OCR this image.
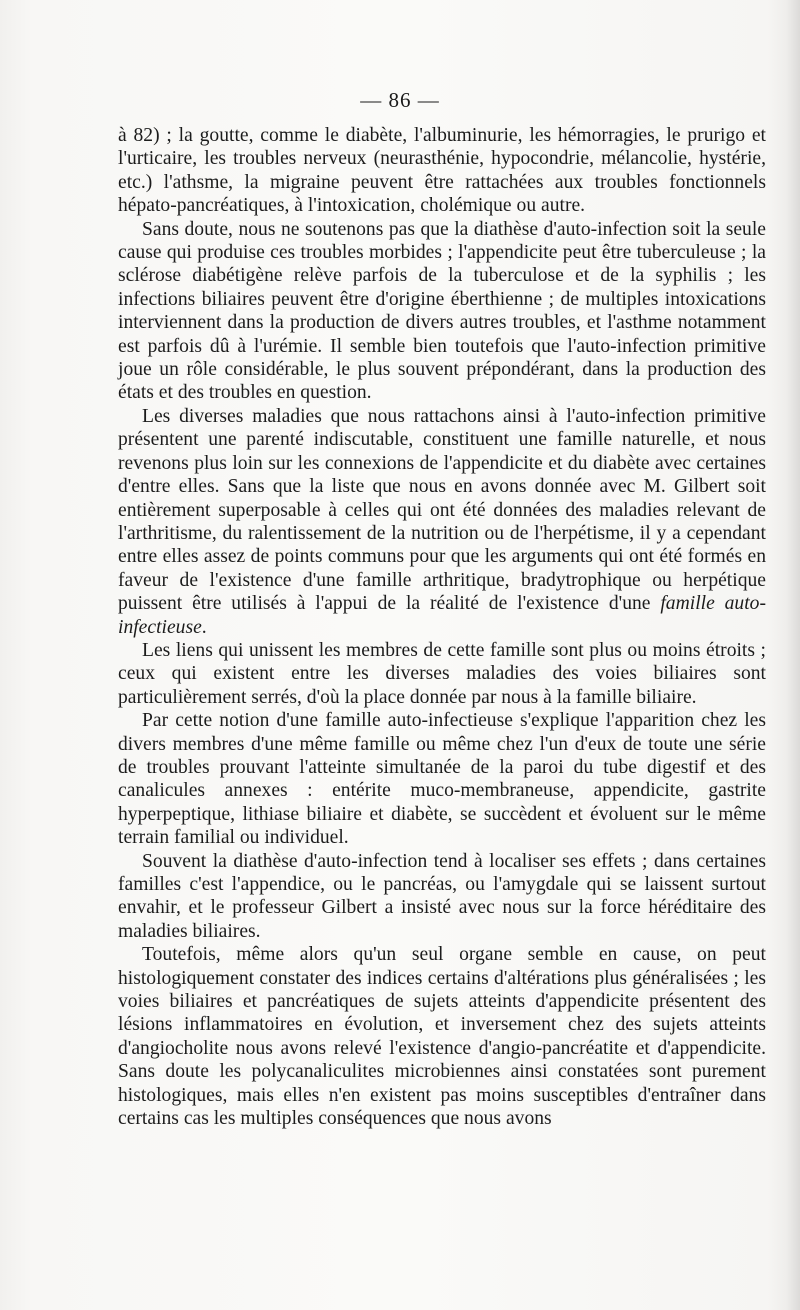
— 86 —

à 82) ; la goutte, comme le diabète, l'albuminurie, les hémorragies, le prurigo et l'urticaire, les troubles nerveux (neurasthénie, hypocondrie, mélancolie, hystérie, etc.) l'athsme, la migraine peuvent être rattachées aux troubles fonctionnels hépato-pancréatiques, à l'intoxication, cholémique ou autre.

Sans doute, nous ne soutenons pas que la diathèse d'auto-infection soit la seule cause qui produise ces troubles morbides ; l'appendicite peut être tuberculeuse ; la sclérose diabétigène relève parfois de la tuberculose et de la syphilis ; les infections biliaires peuvent être d'origine éberthienne ; de multiples intoxications interviennent dans la production de divers autres troubles, et l'asthme notamment est parfois dû à l'urémie. Il semble bien toutefois que l'auto-infection primitive joue un rôle considérable, le plus souvent prépondérant, dans la production des états et des troubles en question.

Les diverses maladies que nous rattachons ainsi à l'auto-infection primitive présentent une parenté indiscutable, constituent une famille naturelle, et nous revenons plus loin sur les connexions de l'appendicite et du diabète avec certaines d'entre elles. Sans que la liste que nous en avons donnée avec M. Gilbert soit entièrement superposable à celles qui ont été données des maladies relevant de l'arthritisme, du ralentissement de la nutrition ou de l'herpétisme, il y a cependant entre elles assez de points communs pour que les arguments qui ont été formés en faveur de l'existence d'une famille arthritique, bradytrophique ou herpétique puissent être utilisés à l'appui de la réalité de l'existence d'une famille auto-infectieuse.

Les liens qui unissent les membres de cette famille sont plus ou moins étroits ; ceux qui existent entre les diverses maladies des voies biliaires sont particulièrement serrés, d'où la place donnée par nous à la famille biliaire.

Par cette notion d'une famille auto-infectieuse s'explique l'apparition chez les divers membres d'une même famille ou même chez l'un d'eux de toute une série de troubles prouvant l'atteinte simultanée de la paroi du tube digestif et des canalicules annexes : entérite muco-membraneuse, appendicite, gastrite hyperpeptique, lithiase biliaire et diabète, se succèdent et évoluent sur le même terrain familial ou individuel.

Souvent la diathèse d'auto-infection tend à localiser ses effets ; dans certaines familles c'est l'appendice, ou le pancréas, ou l'amygdale qui se laissent surtout envahir, et le professeur Gilbert a insisté avec nous sur la force héréditaire des maladies biliaires.

Toutefois, même alors qu'un seul organe semble en cause, on peut histologiquement constater des indices certains d'altérations plus généralisées ; les voies biliaires et pancréatiques de sujets atteints d'appendicite présentent des lésions inflammatoires en évolution, et inversement chez des sujets atteints d'angiocholite nous avons relevé l'existence d'angio-pancréatite et d'appendicite. Sans doute les polycanaliculites microbiennes ainsi constatées sont purement histologiques, mais elles n'en existent pas moins susceptibles d'entraîner dans certains cas les multiples conséquences que nous avons
